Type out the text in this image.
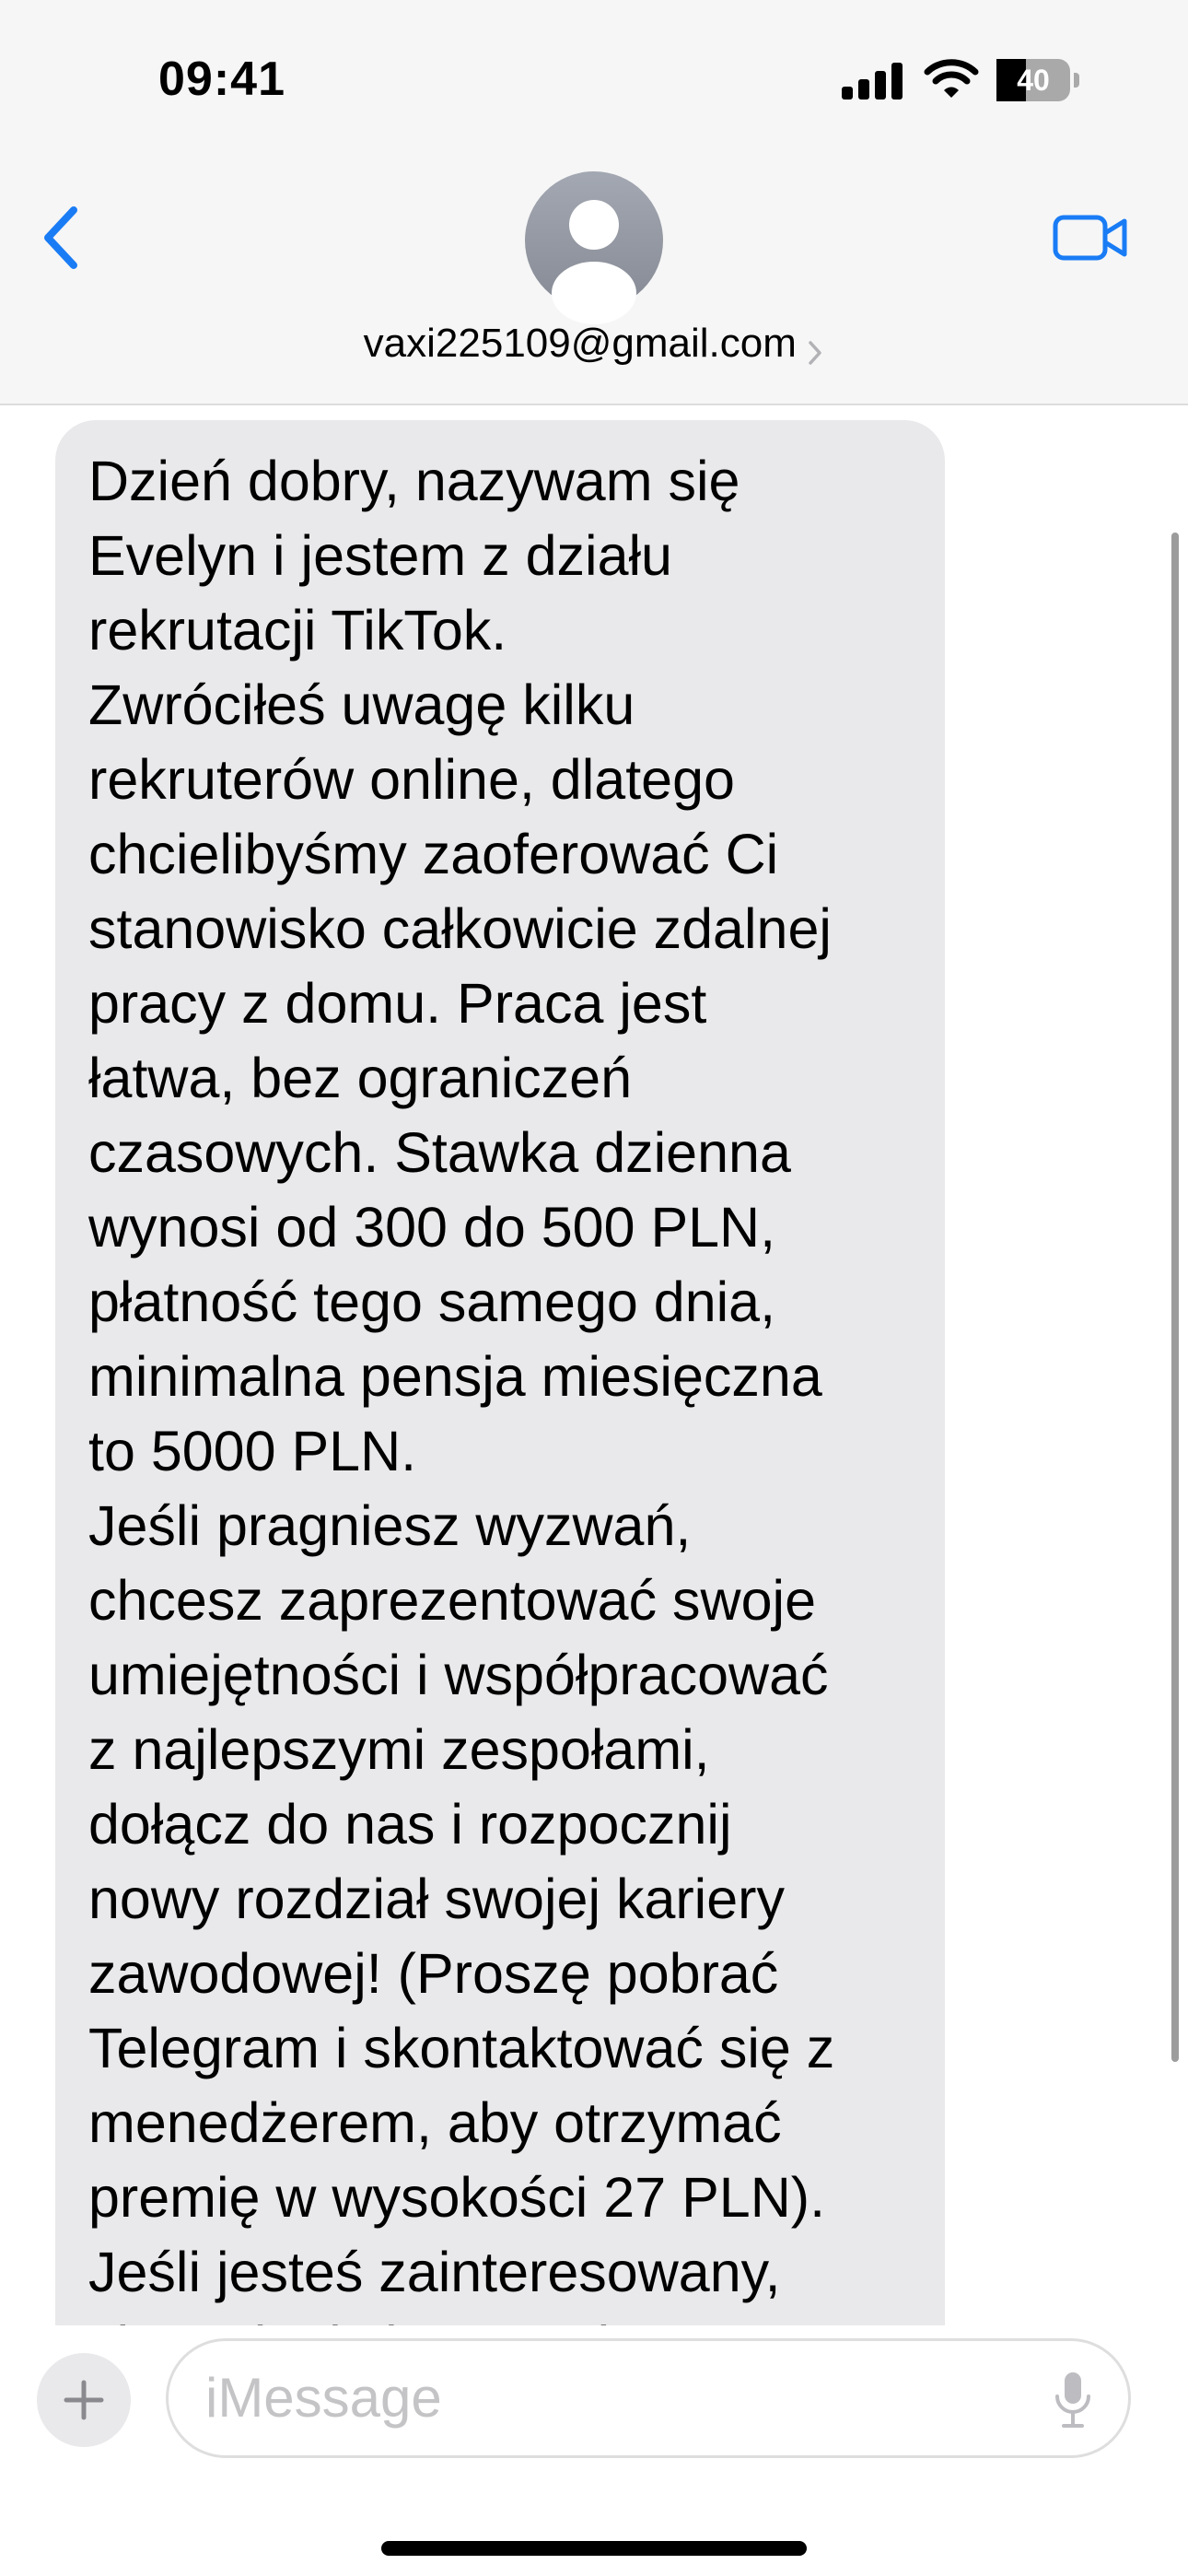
09:41	40
vaxi225109@gmail.com
Dzień dobry, nazywam się
Evelyn i jestem z działu
rekrutacji TikTok.
Zwróciłeś uwagę kilku
rekruterów online, dlatego
chcielibyśmy zaoferować Ci
stanowisko całkowicie zdalnej
pracy z domu. Praca jest
łatwa, bez ograniczeń
czasowych. Stawka dzienna
wynosi od 300 do 500 PLN,
płatność tego samego dnia,
minimalna pensja miesięczna
to 5000 PLN.
Jeśli pragniesz wyzwań,
chcesz zaprezentować swoje
umiejętności i współpracować
z najlepszymi zespołami,
dołącz do nas i rozpocznij
nowy rozdział swojej kariery
zawodowej! (Proszę pobrać
Telegram i skontaktować się z
menedżerem, aby otrzymać
premię w wysokości 27 PLN).
Jeśli jesteś zainteresowany,

iMessage
